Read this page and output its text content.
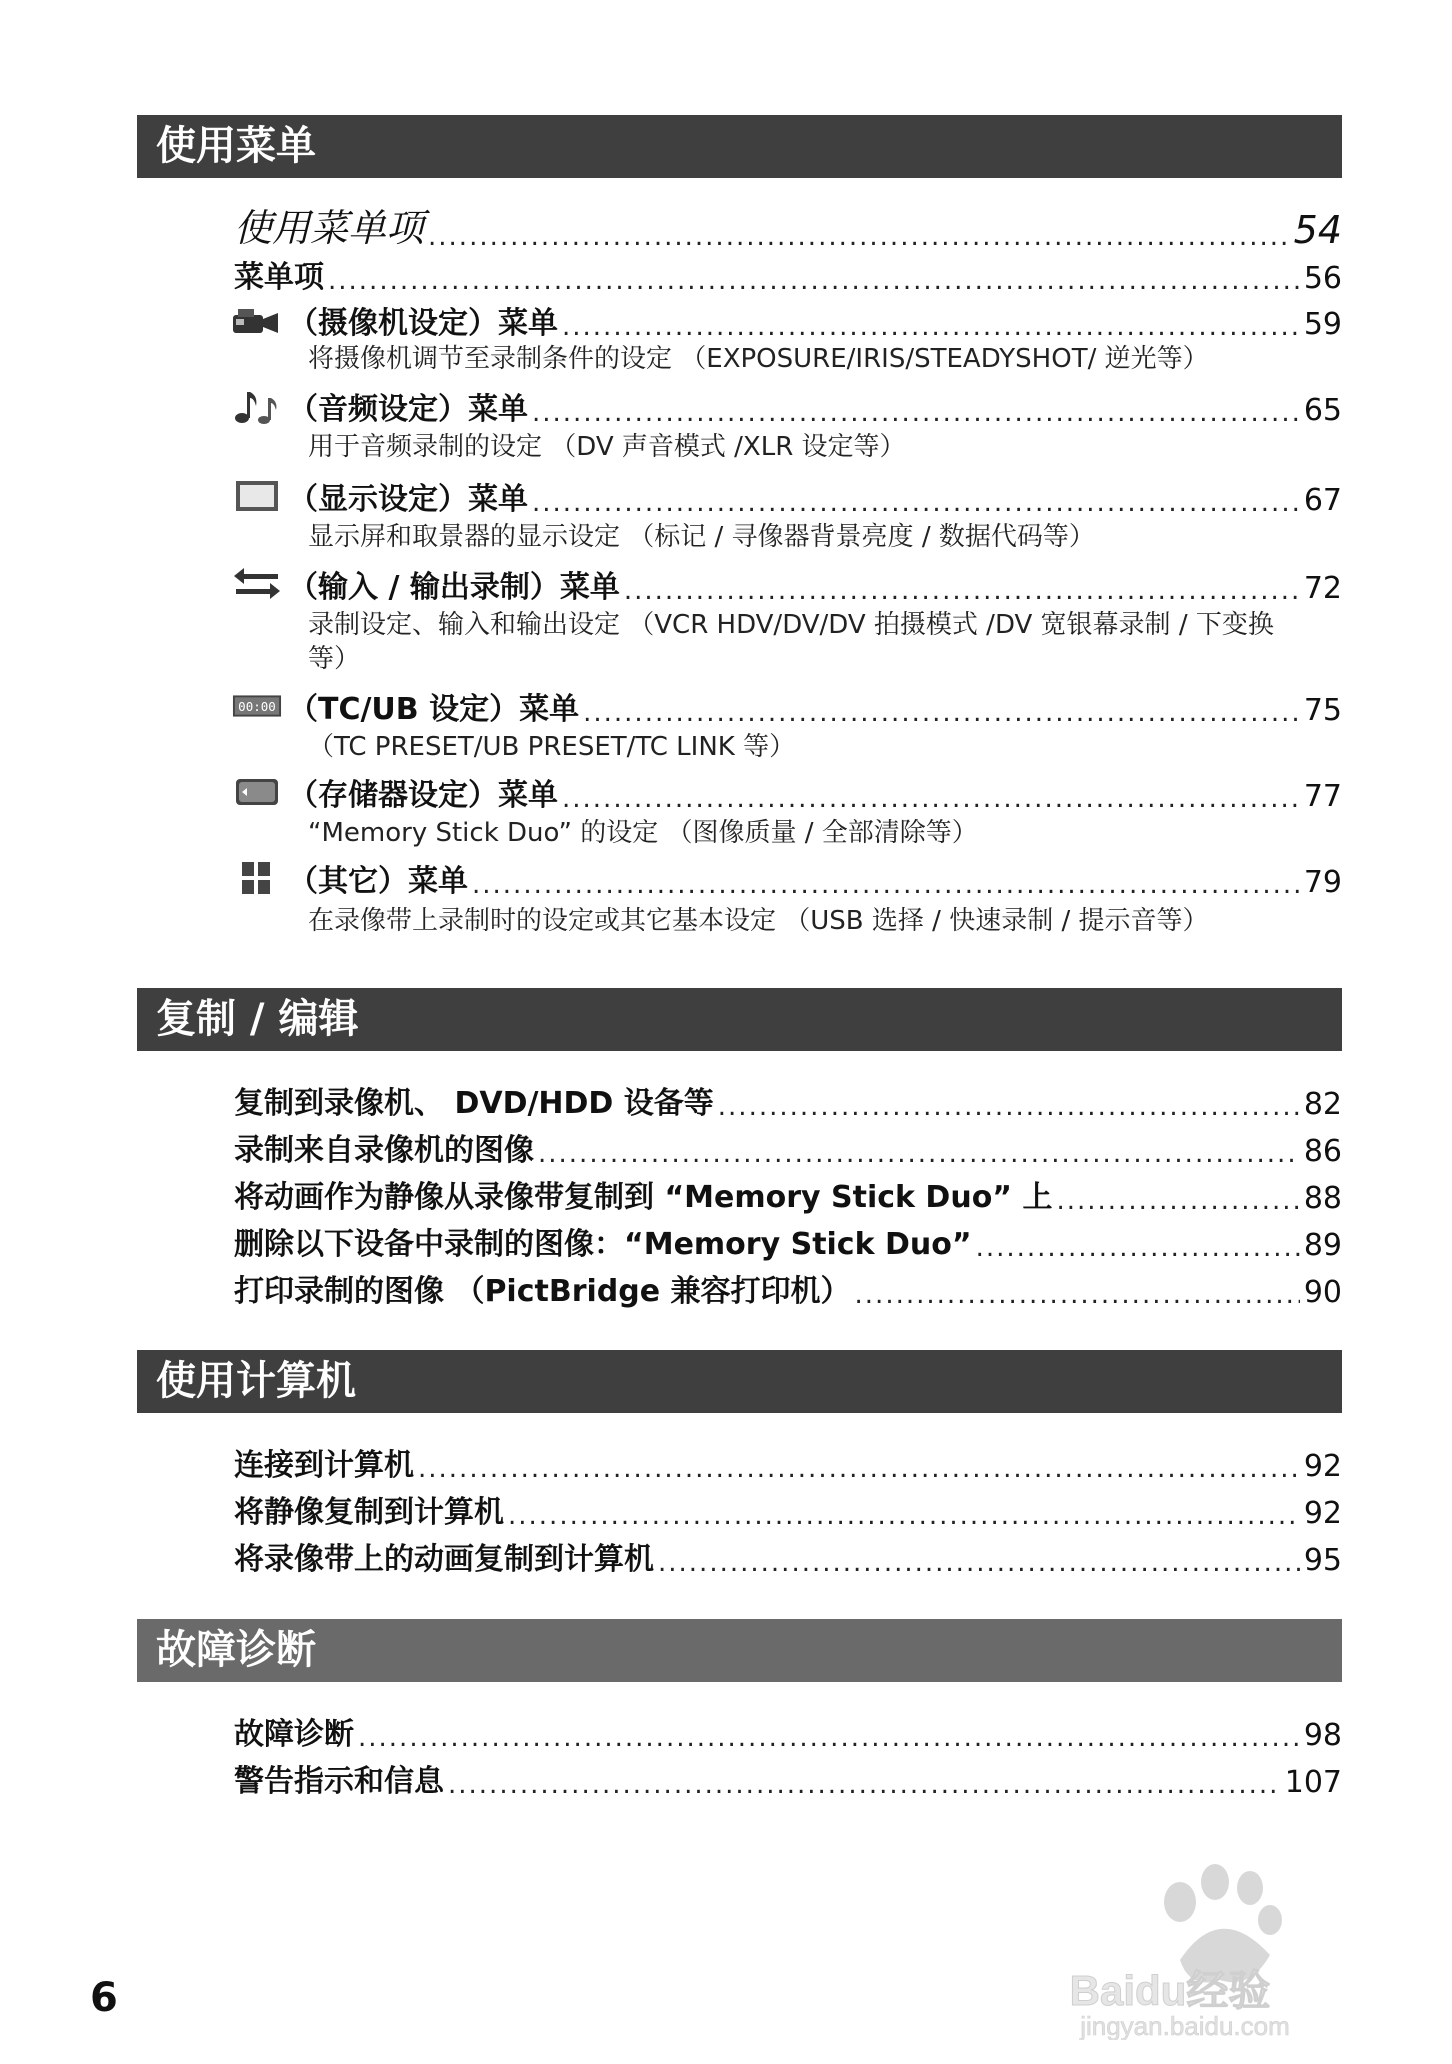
使用菜单
使用菜单项 .....	54
菜单项 .....	56
（摄像机设定）菜单 .....	59
将摄像机调节至录制条件的设定 （EXPOSURE/IRIS/STEADYSHOT/ 逆光等）
（音频设定）菜单 .....	65
用于音频录制的设定 （DV 声音模式 /XLR 设定等）
（显示设定）菜单 .....	67
显示屏和取景器的显示设定 （标记 / 寻像器背景亮度 / 数据代码等）
（输入 / 输出录制）菜单 .....	72
录制设定、输入和输出设定 （VCR HDV/DV/DV 拍摄模式 /DV 宽银幕录制 / 下变换等）
00:00 （TC/UB 设定）菜单 .....	75
（TC PRESET/UB PRESET/TC LINK 等）
（存储器设定）菜单 .....	77
“Memory Stick Duo” 的设定 （图像质量 / 全部清除等）
（其它）菜单 .....	79
在录像带上录制时的设定或其它基本设定 （USB 选择 / 快速录制 / 提示音等）
复制 / 编辑
复制到录像机、 DVD/HDD 设备等 .....	82
录制来自录像机的图像 .....	86
将动画作为静像从录像带复制到 “Memory Stick Duo” 上 .....	88
删除以下设备中录制的图像：“Memory Stick Duo” .....	89
打印录制的图像 （PictBridge 兼容打印机） .....	90
使用计算机
连接到计算机 .....	92
将静像复制到计算机 .....	92
将录像带上的动画复制到计算机 .....	95
故障诊断
故障诊断 .....	98
警告指示和信息 .....	107
6	Baidu经验
jingyan.baidu.com
